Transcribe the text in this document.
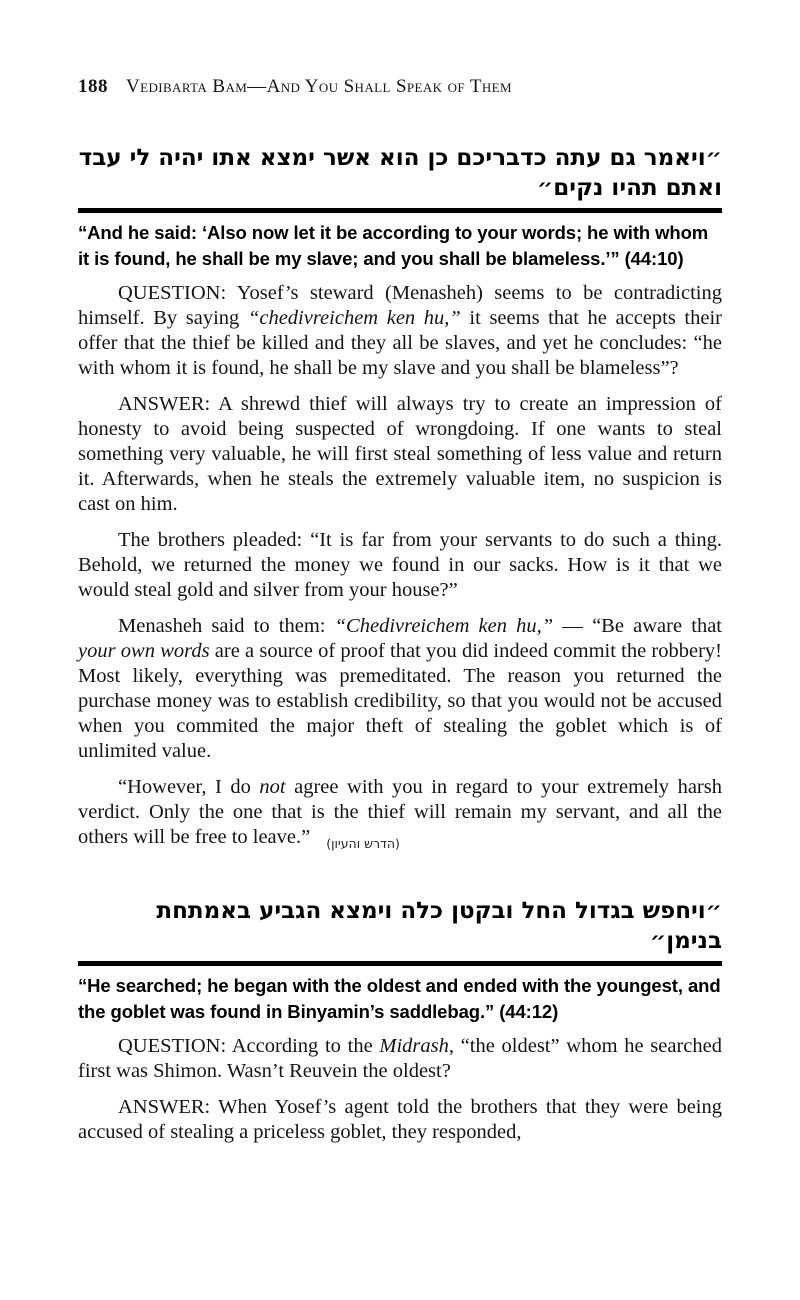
188 Vedibarta Bam—And You Shall Speak of Them
״ויאמר גם עתה כדבריכם כן הוא אשר ימצא אתו יהיה לי עבד ואתם תהיו נקים״

“And he said: ‘Also now let it be according to your words; he with whom it is found, he shall be my slave; and you shall be blameless.’” (44:10)

QUESTION: Yosef’s steward (Menasheh) seems to be contradicting himself. By saying “chedivreichem ken hu,” it seems that he accepts their offer that the thief be killed and they all be slaves, and yet he concludes: “he with whom it is found, he shall be my slave and you shall be blameless”?

ANSWER: A shrewd thief will always try to create an impression of honesty to avoid being suspected of wrongdoing. If one wants to steal something very valuable, he will first steal something of less value and return it. Afterwards, when he steals the extremely valuable item, no suspicion is cast on him.

The brothers pleaded: “It is far from your servants to do such a thing. Behold, we returned the money we found in our sacks. How is it that we would steal gold and silver from your house?”

Menasheh said to them: “Chedivreichem ken hu,” — “Be aware that your own words are a source of proof that you did indeed commit the robbery! Most likely, everything was premeditated. The reason you returned the purchase money was to establish credibility, so that you would not be accused when you commited the major theft of stealing the goblet which is of unlimited value.

“However, I do not agree with you in regard to your extremely harsh verdict. Only the one that is the thief will remain my servant, and all the others will be free to leave.” (הדרש והעיון)

״ויחפש בגדול החל ובקטן כלה וימצא הגביע באמתחת בנימן״

“He searched; he began with the oldest and ended with the youngest, and the goblet was found in Binyamin’s saddlebag.” (44:12)

QUESTION: According to the Midrash, “the oldest” whom he searched first was Shimon. Wasn’t Reuvein the oldest?

ANSWER: When Yosef’s agent told the brothers that they were being accused of stealing a priceless goblet, they responded,
